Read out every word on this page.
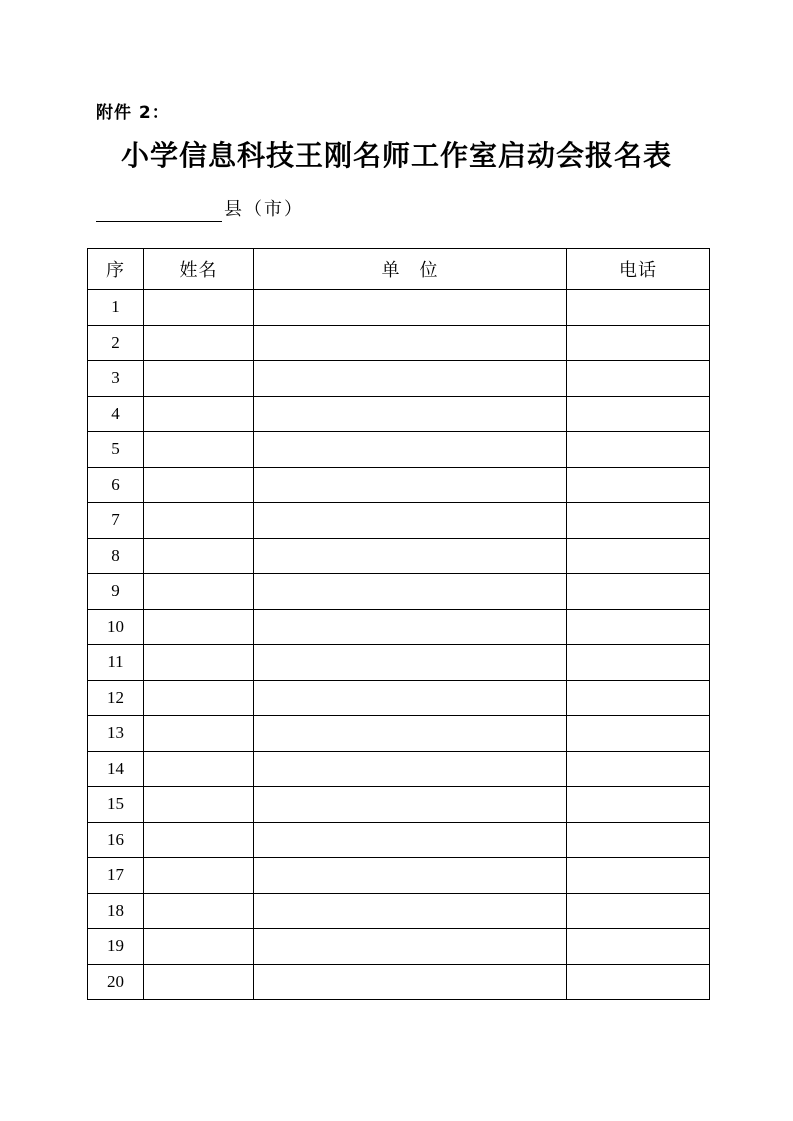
附件 2：
小学信息科技王刚名师工作室启动会报名表
县（市）
序	姓名	单　位	电话
1			
2			
3			
4			
5			
6			
7			
8			
9			
10			
11			
12			
13			
14			
15			
16			
17			
18			
19			
20			
